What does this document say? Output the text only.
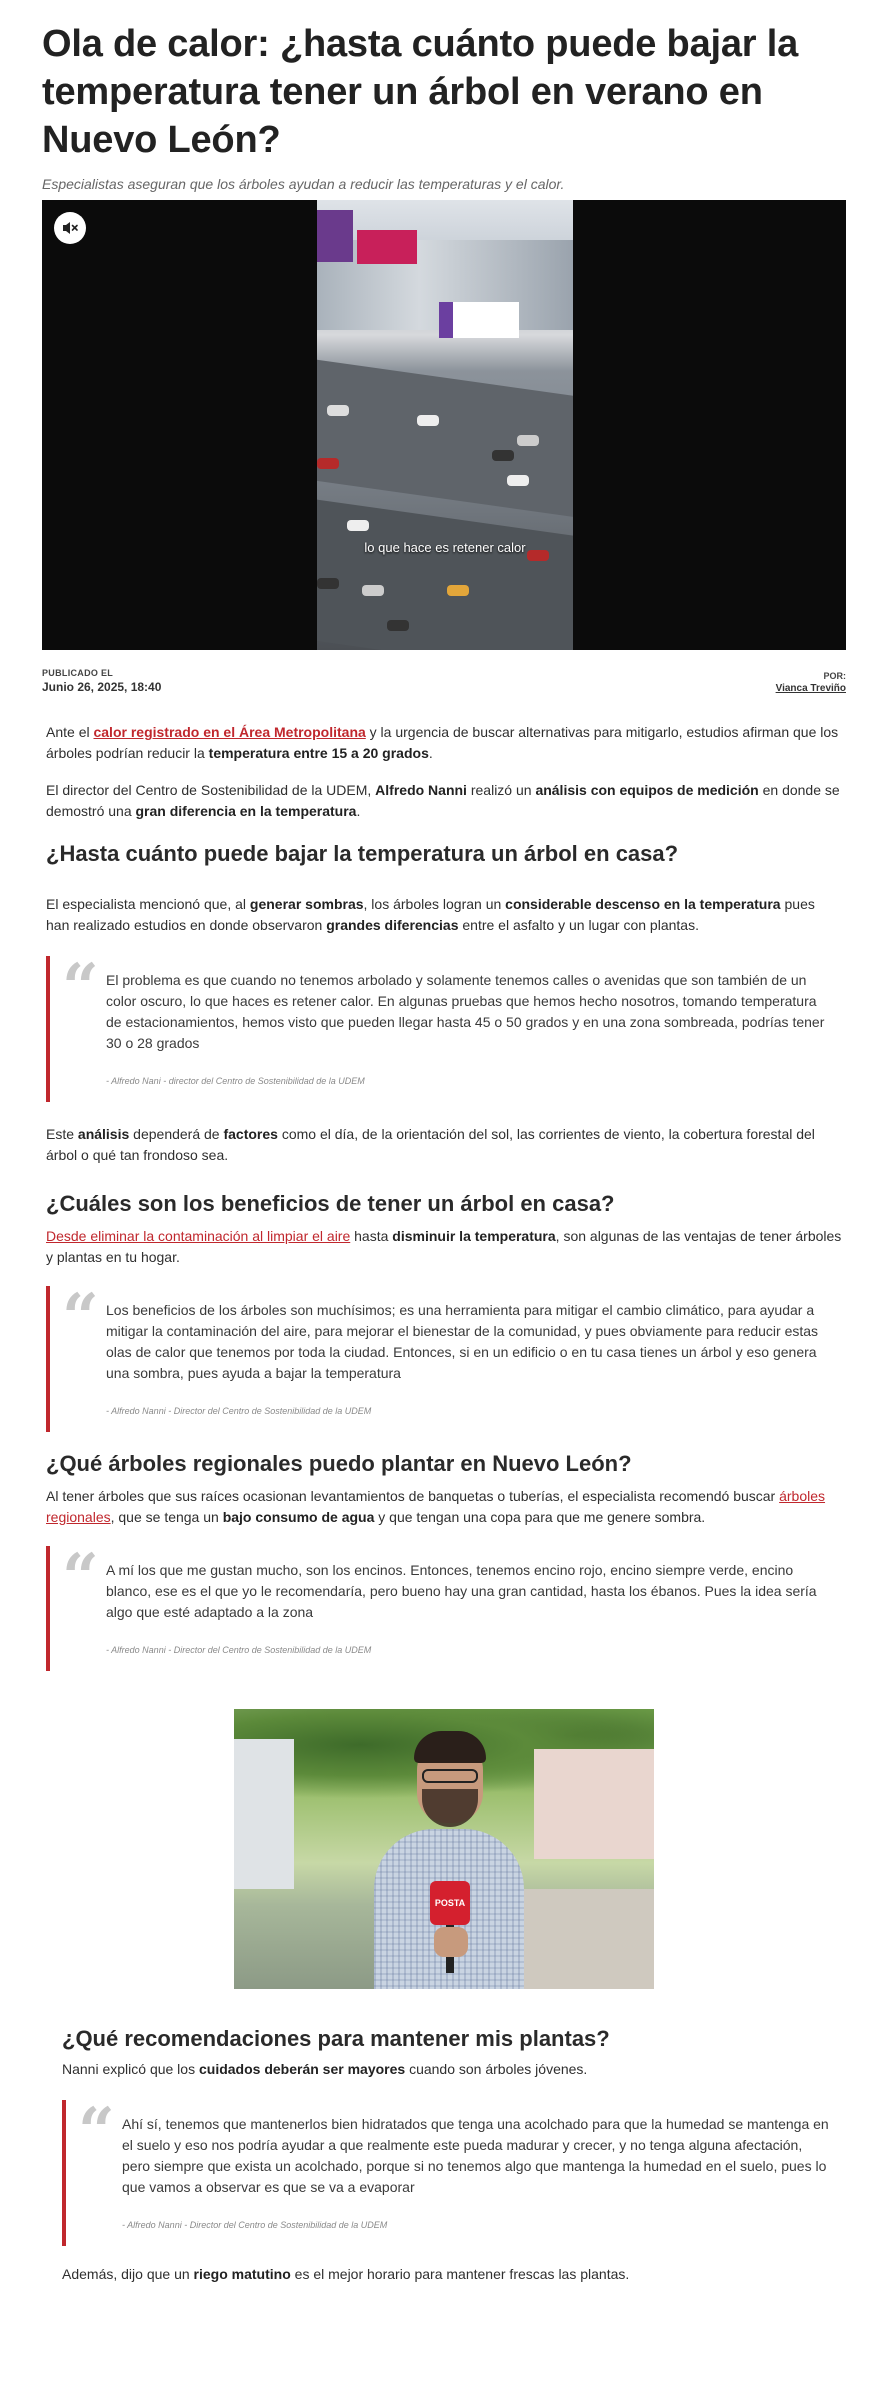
Ola de calor: ¿hasta cuánto puede bajar la temperatura tener un árbol en verano en Nuevo León?
Especialistas aseguran que los árboles ayudan a reducir las temperaturas y el calor.
lo que hace es retener calor
PUBLICADO EL
Junio 26, 2025, 18:40
POR:
Vianca Treviño

Ante el calor registrado en el Área Metropolitana y la urgencia de buscar alternativas para mitigarlo, estudios afirman que los árboles podrían reducir la temperatura entre 15 a 20 grados.

El director del Centro de Sostenibilidad de la UDEM, Alfredo Nanni realizó un análisis con equipos de medición en donde se demostró una gran diferencia en la temperatura.

¿Hasta cuánto puede bajar la temperatura un árbol en casa?

El especialista mencionó que, al generar sombras, los árboles logran un considerable descenso en la temperatura pues han realizado estudios en donde observaron grandes diferencias entre el asfalto y un lugar con plantas.

“ El problema es que cuando no tenemos arbolado y solamente tenemos calles o avenidas que son también de un color oscuro, lo que haces es retener calor. En algunas pruebas que hemos hecho nosotros, tomando temperatura de estacionamientos, hemos visto que pueden llegar hasta 45 o 50 grados y en una zona sombreada, podrías tener 30 o 28 grados
- Alfredo Nani - director del Centro de Sostenibilidad de la UDEM

Este análisis dependerá de factores como el día, de la orientación del sol, las corrientes de viento, la cobertura forestal del árbol o qué tan frondoso sea.

¿Cuáles son los beneficios de tener un árbol en casa?

Desde eliminar la contaminación al limpiar el aire hasta disminuir la temperatura, son algunas de las ventajas de tener árboles y plantas en tu hogar.

“ Los beneficios de los árboles son muchísimos; es una herramienta para mitigar el cambio climático, para ayudar a mitigar la contaminación del aire, para mejorar el bienestar de la comunidad, y pues obviamente para reducir estas olas de calor que tenemos por toda la ciudad. Entonces, si en un edificio o en tu casa tienes un árbol y eso genera una sombra, pues ayuda a bajar la temperatura
- Alfredo Nanni - Director del Centro de Sostenibilidad de la UDEM
¿Qué árboles regionales puedo plantar en Nuevo León?

Al tener árboles que sus raíces ocasionan levantamientos de banquetas o tuberías, el especialista recomendó buscar árboles regionales, que se tenga un bajo consumo de agua y que tengan una copa para que me genere sombra.

“ A mí los que me gustan mucho, son los encinos. Entonces, tenemos encino rojo, encino siempre verde, encino blanco, ese es el que yo le recomendaría, pero bueno hay una gran cantidad, hasta los ébanos. Pues la idea sería algo que esté adaptado a la zona
- Alfredo Nanni - Director del Centro de Sostenibilidad de la UDEM
POSTA
¿Qué recomendaciones para mantener mis plantas?

Nanni explicó que los cuidados deberán ser mayores cuando son árboles jóvenes.

“ Ahí sí, tenemos que mantenerlos bien hidratados que tenga una acolchado para que la humedad se mantenga en el suelo y eso nos podría ayudar a que realmente este pueda madurar y crecer, y no tenga alguna afectación, pero siempre que exista un acolchado, porque si no tenemos algo que mantenga la humedad en el suelo, pues lo que vamos a observar es que se va a evaporar
- Alfredo Nanni - Director del Centro de Sostenibilidad de la UDEM

Además, dijo que un riego matutino es el mejor horario para mantener frescas las plantas.
